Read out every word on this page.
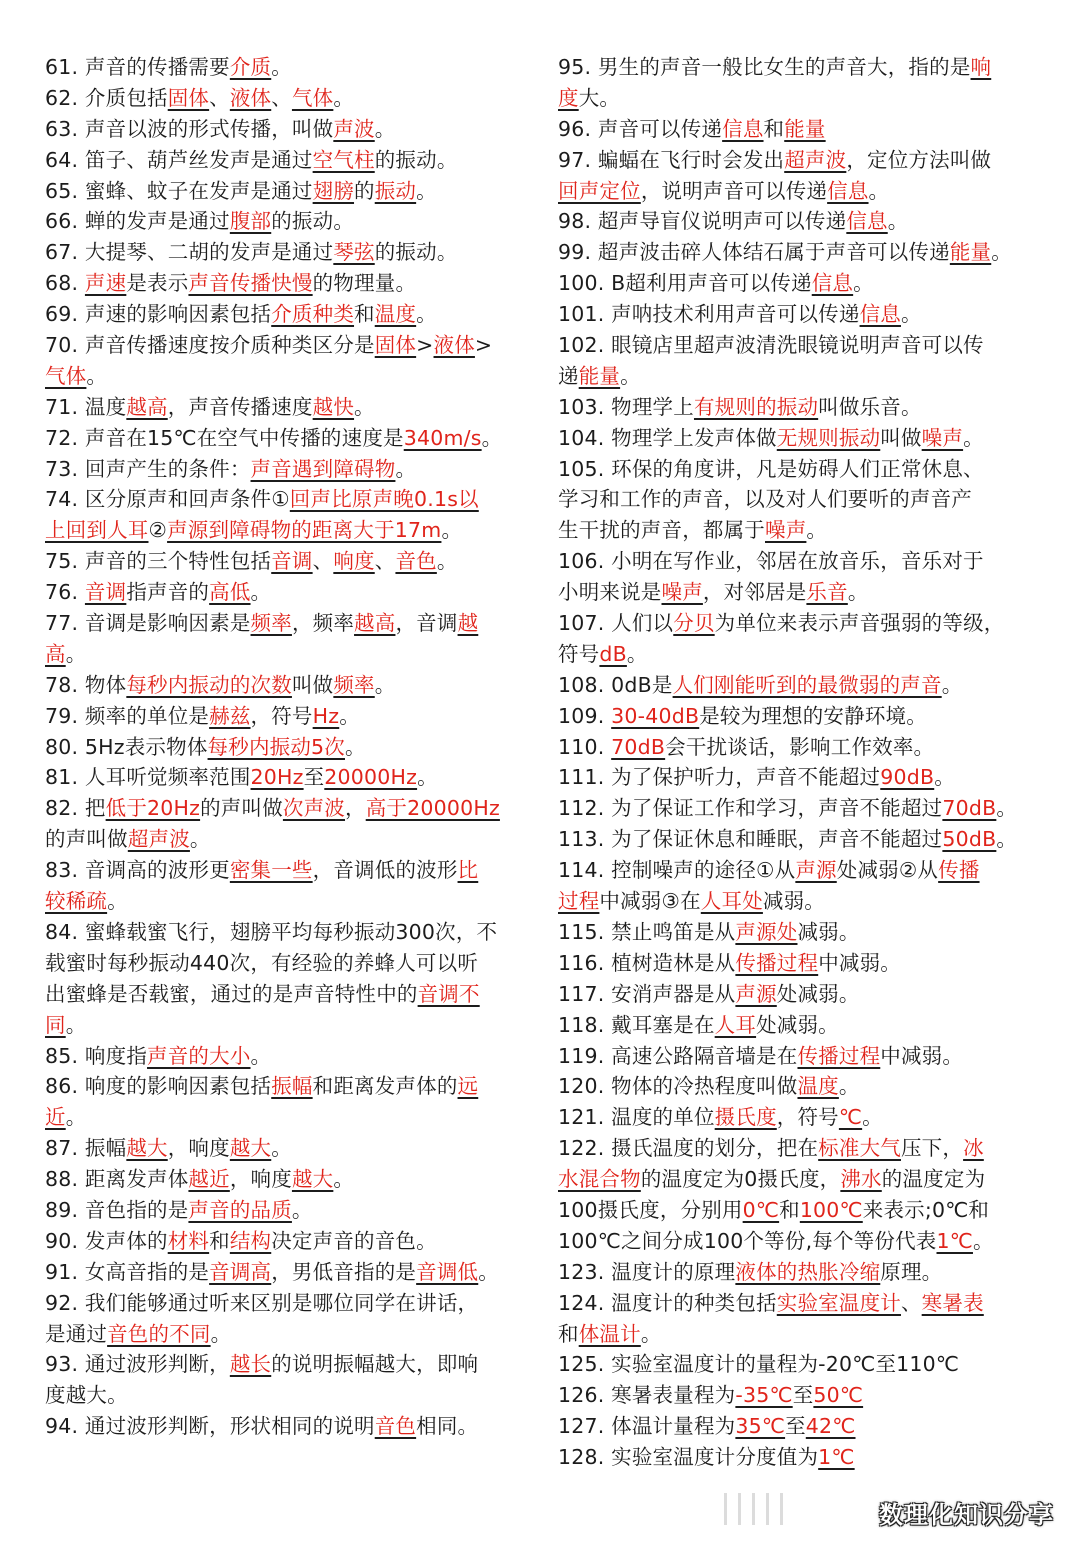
61. 声音的传播需要介质。
62. 介质包括固体、液体、气体。
63. 声音以波的形式传播，叫做声波。
64. 笛子、葫芦丝发声是通过空气柱的振动。
65. 蜜蜂、蚊子在发声是通过翅膀的振动。
66. 蝉的发声是通过腹部的振动。
67. 大提琴、二胡的发声是通过琴弦的振动。
68. 声速是表示声音传播快慢的物理量。
69. 声速的影响因素包括介质种类和温度。
70. 声音传播速度按介质种类区分是固体>液体>
气体。
71. 温度越高，声音传播速度越快。
72. 声音在15℃在空气中传播的速度是340m/s。
73. 回声产生的条件：声音遇到障碍物。
74. 区分原声和回声条件①回声比原声晚0.1s以
上回到人耳②声源到障碍物的距离大于17m。
75. 声音的三个特性包括音调、响度、音色。
76. 音调指声音的高低。
77. 音调是影响因素是频率，频率越高，音调越
高。
78. 物体每秒内振动的次数叫做频率。
79. 频率的单位是赫兹，符号Hz。
80. 5Hz表示物体每秒内振动5次。
81. 人耳听觉频率范围20Hz至20000Hz。
82. 把低于20Hz的声叫做次声波，高于20000Hz
的声叫做超声波。
83. 音调高的波形更密集一些，音调低的波形比
较稀疏。
84. 蜜蜂载蜜飞行，翅膀平均每秒振动300次，不
载蜜时每秒振动440次，有经验的养蜂人可以听
出蜜蜂是否载蜜，通过的是声音特性中的音调不
同。
85. 响度指声音的大小。
86. 响度的影响因素包括振幅和距离发声体的远
近。
87. 振幅越大，响度越大。
88. 距离发声体越近，响度越大。
89. 音色指的是声音的品质。
90. 发声体的材料和结构决定声音的音色。
91. 女高音指的是音调高，男低音指的是音调低。
92. 我们能够通过听来区别是哪位同学在讲话，
是通过音色的不同。
93. 通过波形判断，越长的说明振幅越大，即响
度越大。
94. 通过波形判断，形状相同的说明音色相同。
95. 男生的声音一般比女生的声音大，指的是响
度大。
96. 声音可以传递信息和能量
97. 蝙蝠在飞行时会发出超声波，定位方法叫做
回声定位，说明声音可以传递信息。
98. 超声导盲仪说明声可以传递信息。
99. 超声波击碎人体结石属于声音可以传递能量。
100. B超利用声音可以传递信息。
101. 声呐技术利用声音可以传递信息。
102. 眼镜店里超声波清洗眼镜说明声音可以传
递能量。
103. 物理学上有规则的振动叫做乐音。
104. 物理学上发声体做无规则振动叫做噪声。
105. 环保的角度讲，凡是妨碍人们正常休息、
学习和工作的声音，以及对人们要听的声音产
生干扰的声音，都属于噪声。
106. 小明在写作业，邻居在放音乐，音乐对于
小明来说是噪声，对邻居是乐音。
107. 人们以分贝为单位来表示声音强弱的等级，
符号dB。
108. 0dB是人们刚能听到的最微弱的声音。
109. 30-40dB是较为理想的安静环境。
110. 70dB会干扰谈话，影响工作效率。
111. 为了保护听力，声音不能超过90dB。
112. 为了保证工作和学习，声音不能超过70dB。
113. 为了保证休息和睡眠，声音不能超过50dB。
114. 控制噪声的途径①从声源处减弱②从传播
过程中减弱③在人耳处减弱。
115. 禁止鸣笛是从声源处减弱。
116. 植树造林是从传播过程中减弱。
117. 安消声器是从声源处减弱。
118. 戴耳塞是在人耳处减弱。
119. 高速公路隔音墙是在传播过程中减弱。
120. 物体的冷热程度叫做温度。
121. 温度的单位摄氏度，符号℃。
122. 摄氏温度的划分，把在标准大气压下，冰
水混合物的温度定为0摄氏度，沸水的温度定为
100摄氏度，分别用0℃和100℃来表示;0℃和
100℃之间分成100个等份,每个等份代表1℃。
123. 温度计的原理液体的热胀冷缩原理。
124. 温度计的种类包括实验室温度计、寒暑表
和体温计。
125. 实验室温度计的量程为-20℃至110℃
126. 寒暑表量程为-35℃至50℃
127. 体温计量程为35℃至42℃
128. 实验室温度计分度值为1℃
数理化知识分享
